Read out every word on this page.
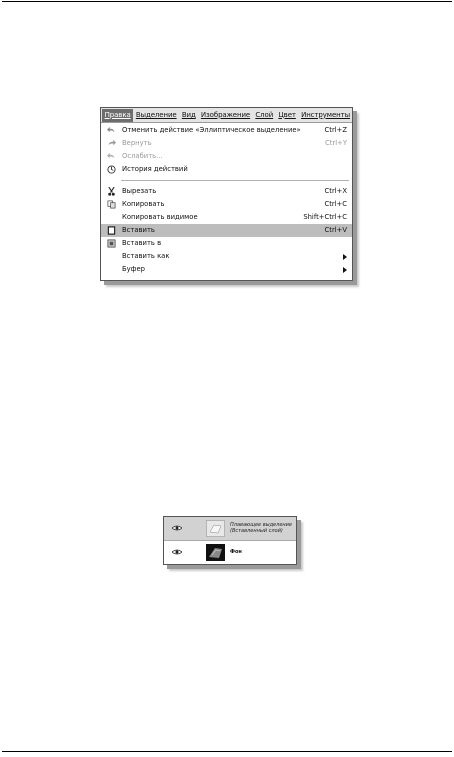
Правка Выделение Вид Изображение Слой Цвет Инструменты
Отменить действие «Эллиптическое выделение»	Ctrl+Z
Вернуть	Ctrl+Y
Ослабить...
История действий
Вырезать	Ctrl+X
Копировать	Ctrl+C
Копировать видимое	Shift+Ctrl+C
Вставить	Ctrl+V
Вставить в
Вставить как
Буфер
Плавающее выделение
(Вставленный слой)
Фон
